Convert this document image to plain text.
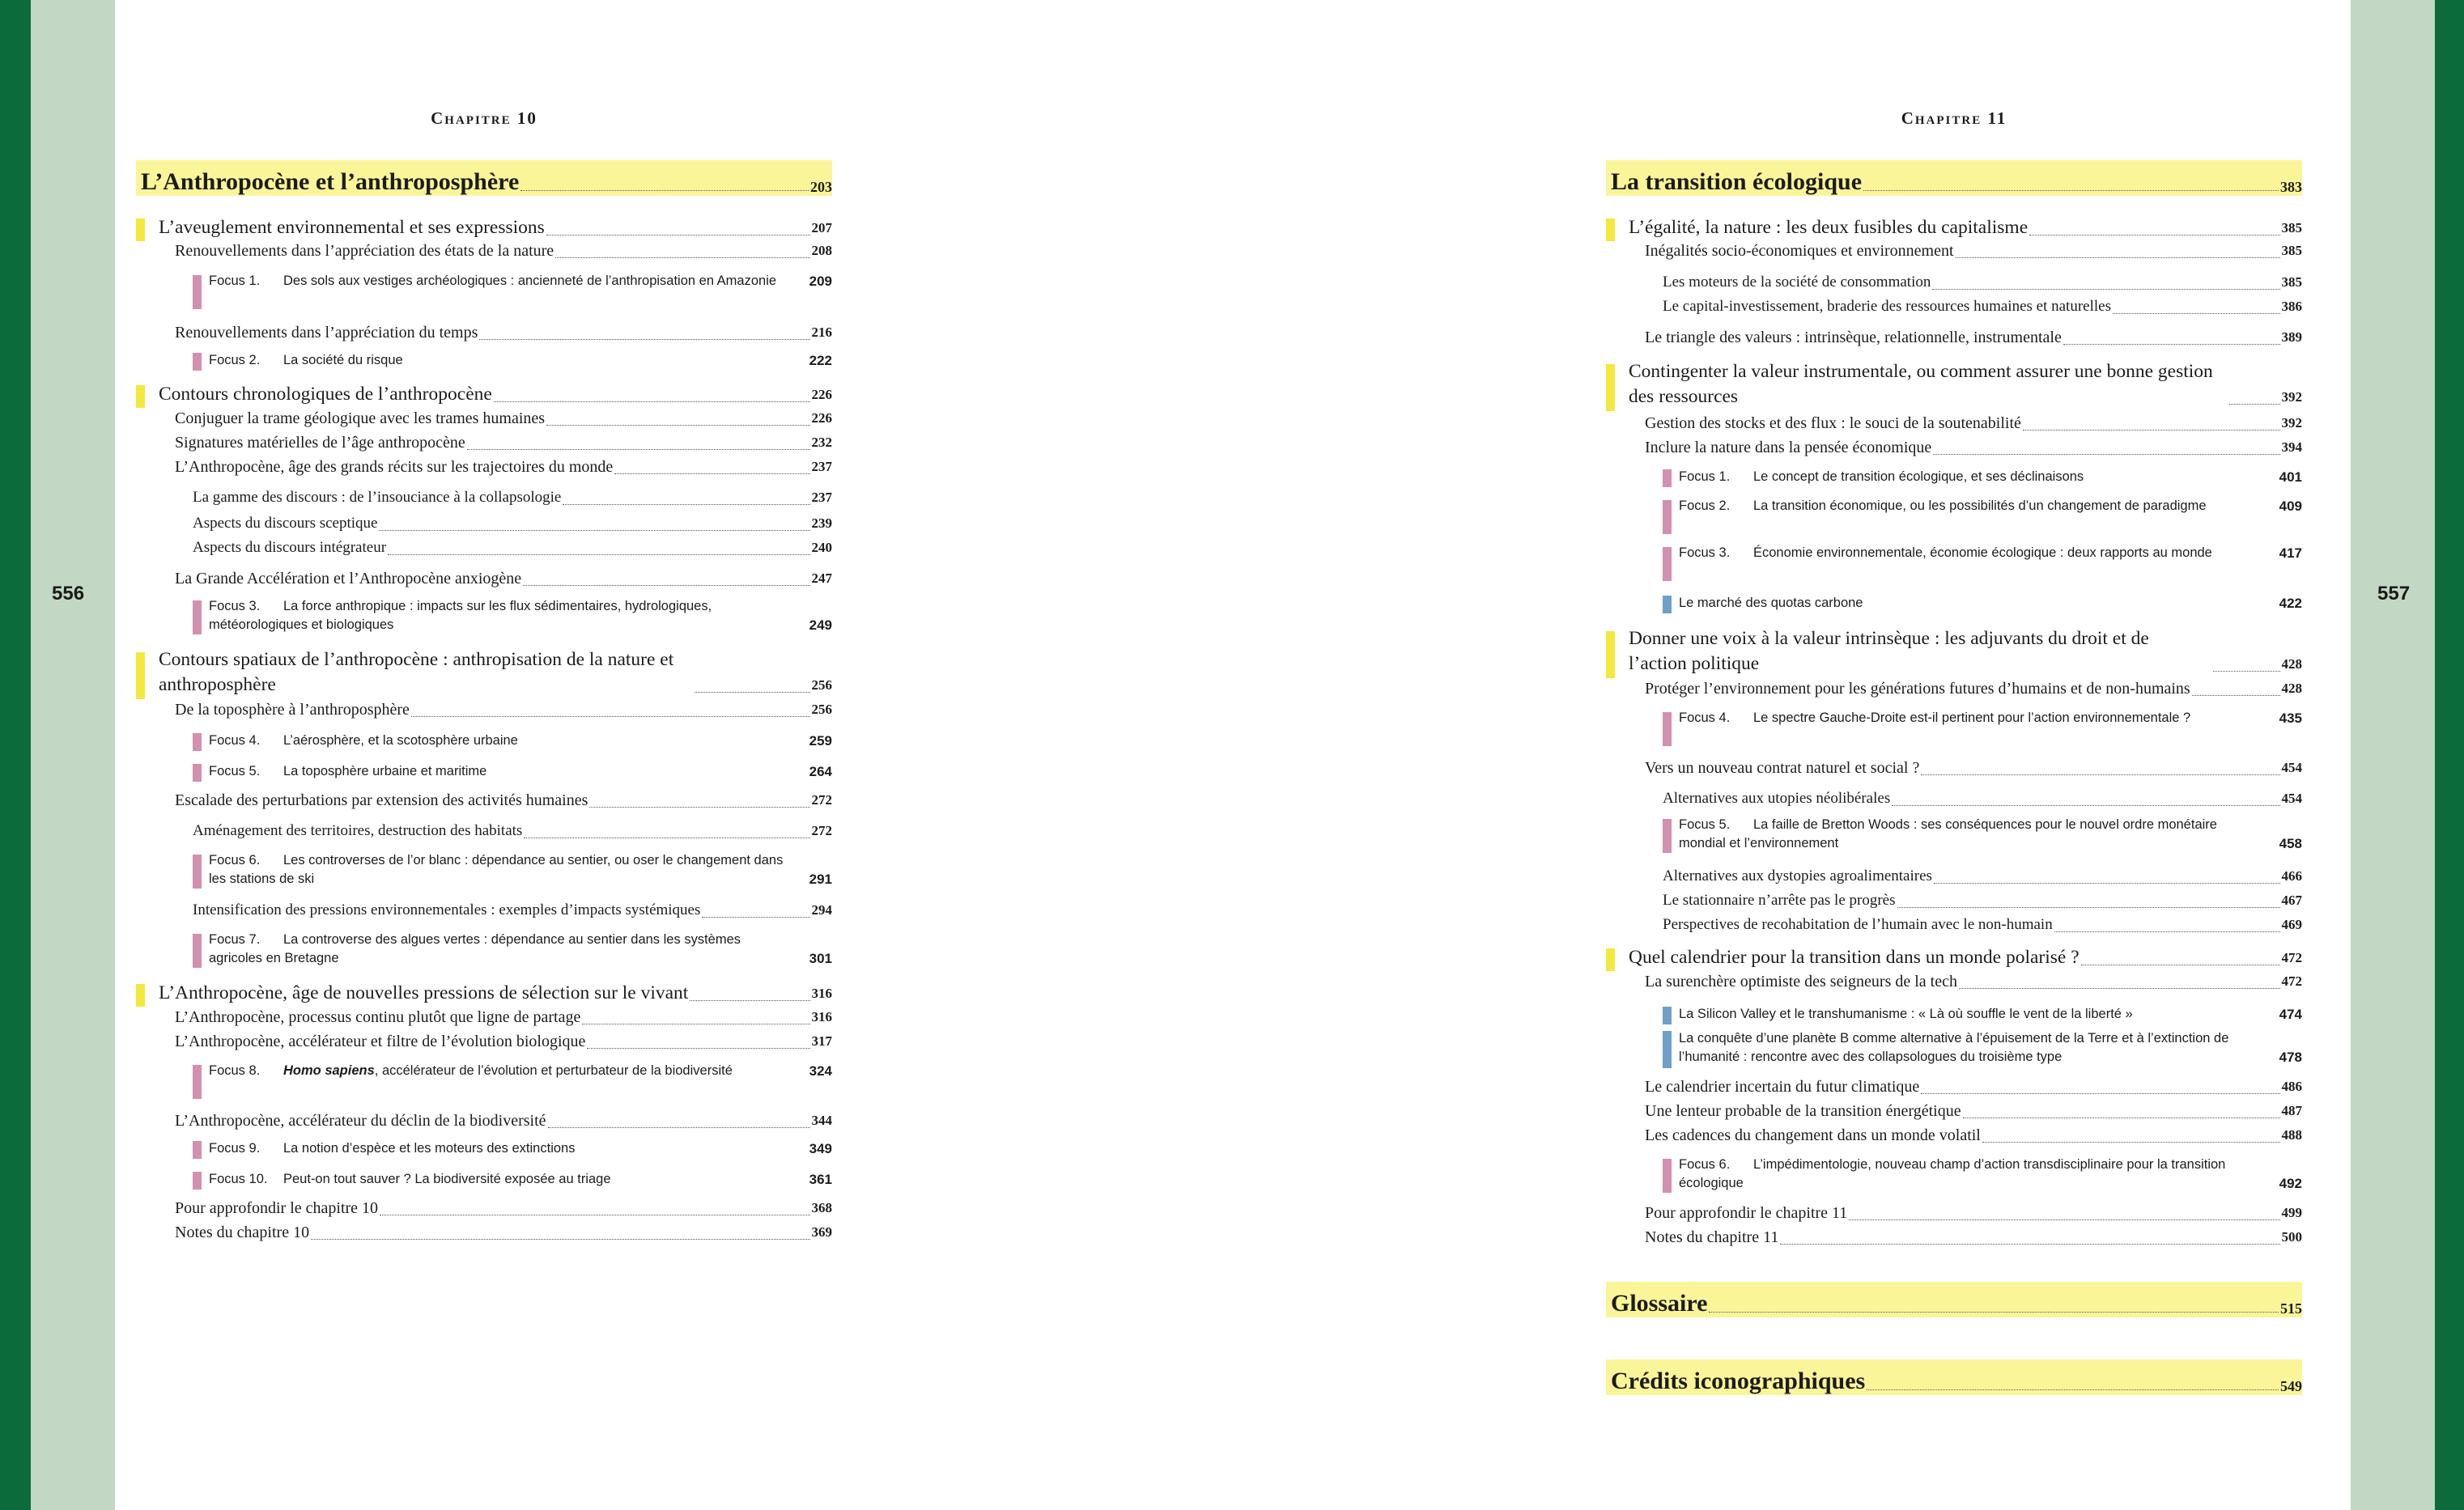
556	557
Chapitre 10
L’Anthropocène et l’anthroposphère	203
L’aveuglement environnemental et ses expressions	207
Renouvellements dans l’appréciation des états de la nature	208
Focus 1. Des sols aux vestiges archéologiques : ancienneté de l’anthropisation en Amazonie	209
Renouvellements dans l’appréciation du temps	216
Focus 2. La société du risque	222
Contours chronologiques de l’anthropocène	226
Conjuguer la trame géologique avec les trames humaines	226
Signatures matérielles de l’âge anthropocène	232
L’Anthropocène, âge des grands récits sur les trajectoires du monde	237
La gamme des discours : de l’insouciance à la collapsologie	237
Aspects du discours sceptique	239
Aspects du discours intégrateur	240
La Grande Accélération et l’Anthropocène anxiogène	247
Focus 3. La force anthropique : impacts sur les flux sédimentaires, hydrologiques, météorologiques et biologiques	249
Contours spatiaux de l’anthropocène : anthropisation de la nature et anthroposphère	256
De la toposphère à l’anthroposphère	256
Focus 4. L’aérosphère, et la scotosphère urbaine	259
Focus 5. La toposphère urbaine et maritime	264
Escalade des perturbations par extension des activités humaines	272
Aménagement des territoires, destruction des habitats	272
Focus 6. Les controverses de l’or blanc : dépendance au sentier, ou oser le changement dans les stations de ski	291
Intensification des pressions environnementales : exemples d’impacts systémiques	294
Focus 7. La controverse des algues vertes : dépendance au sentier dans les systèmes agricoles en Bretagne	301
L’Anthropocène, âge de nouvelles pressions de sélection sur le vivant	316
L’Anthropocène, processus continu plutôt que ligne de partage	316
L’Anthropocène, accélérateur et filtre de l’évolution biologique	317
Focus 8. Homo sapiens, accélérateur de l’évolution et perturbateur de la biodiversité	324
L’Anthropocène, accélérateur du déclin de la biodiversité	344
Focus 9. La notion d’espèce et les moteurs des extinctions	349
Focus 10. Peut-on tout sauver ? La biodiversité exposée au triage	361
Pour approfondir le chapitre 10	368
Notes du chapitre 10	369
Chapitre 11
La transition écologique	383
L’égalité, la nature : les deux fusibles du capitalisme	385
Inégalités socio-économiques et environnement	385
Les moteurs de la société de consommation	385
Le capital-investissement, braderie des ressources humaines et naturelles	386
Le triangle des valeurs : intrinsèque, relationnelle, instrumentale	389
Contingenter la valeur instrumentale, ou comment assurer une bonne gestion des ressources	392
Gestion des stocks et des flux : le souci de la soutenabilité	392
Inclure la nature dans la pensée économique	394
Focus 1. Le concept de transition écologique, et ses déclinaisons	401
Focus 2. La transition économique, ou les possibilités d’un changement de paradigme	409
Focus 3. Économie environnementale, économie écologique : deux rapports au monde	417
Le marché des quotas carbone	422
Donner une voix à la valeur intrinsèque : les adjuvants du droit et de l’action politique	428
Protéger l’environnement pour les générations futures d’humains et de non-humains	428
Focus 4. Le spectre Gauche-Droite est-il pertinent pour l’action environnementale ?	435
Vers un nouveau contrat naturel et social ?	454
Alternatives aux utopies néolibérales	454
Focus 5. La faille de Bretton Woods : ses conséquences pour le nouvel ordre monétaire mondial et l’environnement	458
Alternatives aux dystopies agroalimentaires	466
Le stationnaire n’arrête pas le progrès	467
Perspectives de recohabitation de l’humain avec le non-humain	469
Quel calendrier pour la transition dans un monde polarisé ?	472
La surenchère optimiste des seigneurs de la tech	472
La Silicon Valley et le transhumanisme : « Là où souffle le vent de la liberté »	474
La conquête d’une planète B comme alternative à l’épuisement de la Terre et à l’extinction de l’humanité : rencontre avec des collapsologues du troisième type	478
Le calendrier incertain du futur climatique	486
Une lenteur probable de la transition énergétique	487
Les cadences du changement dans un monde volatil	488
Focus 6. L’impédimentologie, nouveau champ d’action transdisciplinaire pour la transition écologique	492
Pour approfondir le chapitre 11	499
Notes du chapitre 11	500
Glossaire	515
Crédits iconographiques	549
